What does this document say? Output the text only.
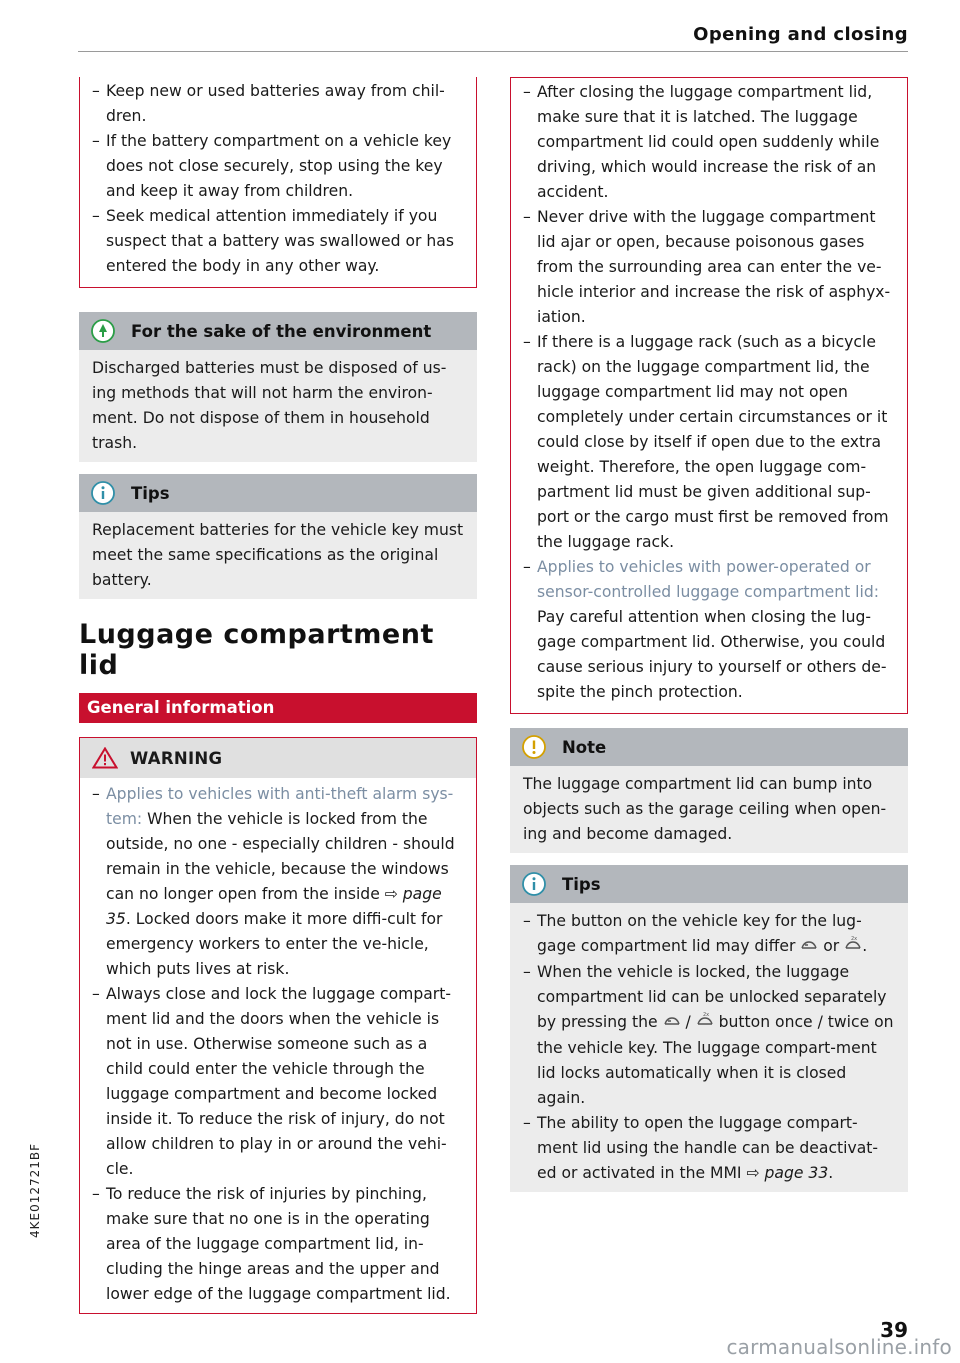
Opening and closing
– Keep new or used batteries away from chil-dren.
– If the battery compartment on a vehicle key does not close securely, stop using the key and keep it away from children.
– Seek medical attention immediately if you suspect that a battery was swallowed or has entered the body in any other way.
For the sake of the environment
Discharged batteries must be disposed of us-ing methods that will not harm the environ-ment. Do not dispose of them in household trash.
Tips
Replacement batteries for the vehicle key must meet the same specifications as the original battery.
Luggage compartment lid
General information
WARNING
– Applies to vehicles with anti-theft alarm sys-tem: When the vehicle is locked from the outside, no one - especially children - should remain in the vehicle, because the windows can no longer open from the inside ⇨ page 35. Locked doors make it more diffi-cult for emergency workers to enter the ve-hicle, which puts lives at risk.
– Always close and lock the luggage compart-ment lid and the doors when the vehicle is not in use. Otherwise someone such as a child could enter the vehicle through the luggage compartment and become locked inside it. To reduce the risk of injury, do not allow children to play in or around the vehi-cle.
– To reduce the risk of injuries by pinching, make sure that no one is in the operating area of the luggage compartment lid, in-cluding the hinge areas and the upper and lower edge of the luggage compartment lid.
– After closing the luggage compartment lid, make sure that it is latched. The luggage compartment lid could open suddenly while driving, which would increase the risk of an accident.
– Never drive with the luggage compartment lid ajar or open, because poisonous gases from the surrounding area can enter the ve-hicle interior and increase the risk of asphyx-iation.
– If there is a luggage rack (such as a bicycle rack) on the luggage compartment lid, the luggage compartment lid may not open completely under certain circumstances or it could close by itself if open due to the extra weight. Therefore, the open luggage com-partment lid must be given additional sup-port or the cargo must first be removed from the luggage rack.
– Applies to vehicles with power-operated or sensor-controlled luggage compartment lid: Pay careful attention when closing the lug-gage compartment lid. Otherwise, you could cause serious injury to yourself or others de-spite the pinch protection.
Note
The luggage compartment lid can bump into objects such as the garage ceiling when open-ing and become damaged.
Tips
– The button on the vehicle key for the lug-gage compartment lid may differ  or 2x .
– When the vehicle is locked, the luggage compartment lid can be unlocked separately by pressing the  / 2x button once / twice on the vehicle key. The luggage compart-ment lid locks automatically when it is closed again.
– The ability to open the luggage compart-ment lid using the handle can be deactivat-ed or activated in the MMI ⇨ page 33.
4KE012721BF
39
carmanualsonline.info
